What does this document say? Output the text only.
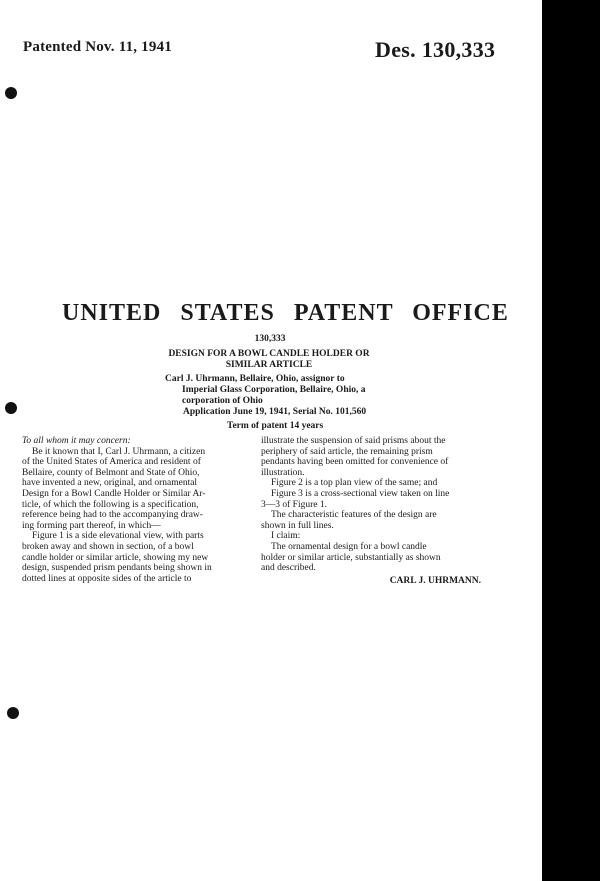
Patented Nov. 11, 1941	Des. 130,333
UNITED STATES PATENT OFFICE
130,333
DESIGN FOR A BOWL CANDLE HOLDER OR
SIMILAR ARTICLE
Carl J. Uhrmann, Bellaire, Ohio, assignor to
Imperial Glass Corporation, Bellaire, Ohio, a
corporation of Ohio
Application June 19, 1941, Serial No. 101,560
Term of patent 14 years

To all whom it may concern:

Be it known that I, Carl J. Uhrmann, a citizen
of the United States of America and resident of
Bellaire, county of Belmont and State of Ohio,
have invented a new, original, and ornamental
Design for a Bowl Candle Holder or Similar Ar-
ticle, of which the following is a specification,
reference being had to the accompanying draw-
ing forming part thereof, in which—

Figure 1 is a side elevational view, with parts
broken away and shown in section, of a bowl
candle holder or similar article, showing my new
design, suspended prism pendants being shown in
dotted lines at opposite sides of the article to

illustrate the suspension of said prisms about the
periphery of said article, the remaining prism
pendants having been omitted for convenience of
illustration.

Figure 2 is a top plan view of the same; and

Figure 3 is a cross-sectional view taken on line
3—3 of Figure 1.

The characteristic features of the design are
shown in full lines.

I claim:

The ornamental design for a bowl candle
holder or similar article, substantially as shown
and described.

CARL J. UHRMANN.
